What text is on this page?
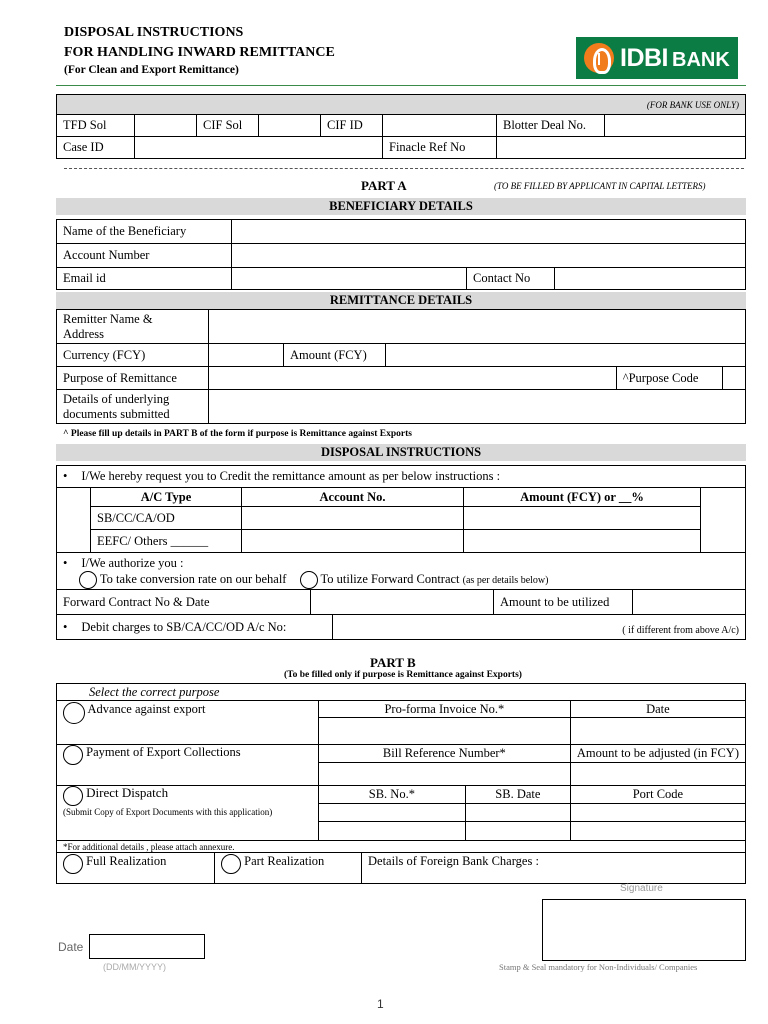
DISPOSAL INSTRUCTIONS
FOR HANDLING INWARD REMITTANCE
(For Clean and Export Remittance)	IDBI BANK
(FOR BANK USE ONLY)							
TFD Sol		CIF Sol		CIF ID		Blotter Deal No.	
Case ID					Finacle Ref No		
PART A	(TO BE FILLED BY APPLICANT IN CAPITAL LETTERS)
BENEFICIARY DETAILS
Name of the Beneficiary			
Account Number			
Email id		Contact No	
REMITTANCE DETAILS
Remitter Name &
Address					

Currency (FCY)		Amount (FCY)			
Purpose of Remittance				^Purpose Code	

Details of underlying
documents submitted					

^ Please fill up details in PART B of the form if purpose is Remittance against Exports
DISPOSAL INSTRUCTIONS
• I/We hereby request you to Credit the remittance amount as per below instructions :
	A/C Type	Account No.	Amount (FCY) or __%	
	SB/CC/CA/OD			
	EEFC/ Others ______			
• I/We authorize you :
To take conversion rate on our behalf	To utilize Forward Contract (as per details below)

Forward Contract No & Date		Amount to be utilized	
• Debit charges to SB/CA/CC/OD A/c No:	( if different from above A/c)
PART B
(To be filled only if purpose is Remittance against Exports)
Select the correct purpose			
Advance against export	Pro-forma Invoice No.*		Date

Payment of Export Collections	Bill Reference Number*		Amount to be adjusted (in FCY)

Direct Dispatch
(Submit Copy of Export Documents with this application)	SB. No.*	SB. Date	Port Code

*For additional details , please attach annexure.			
Full Realization	Part Realization	Details of Foreign Bank Charges :
Signature
Stamp & Seal mandatory for Non-Individuals/ Companies
Date
(DD/MM/YYYY)
1
